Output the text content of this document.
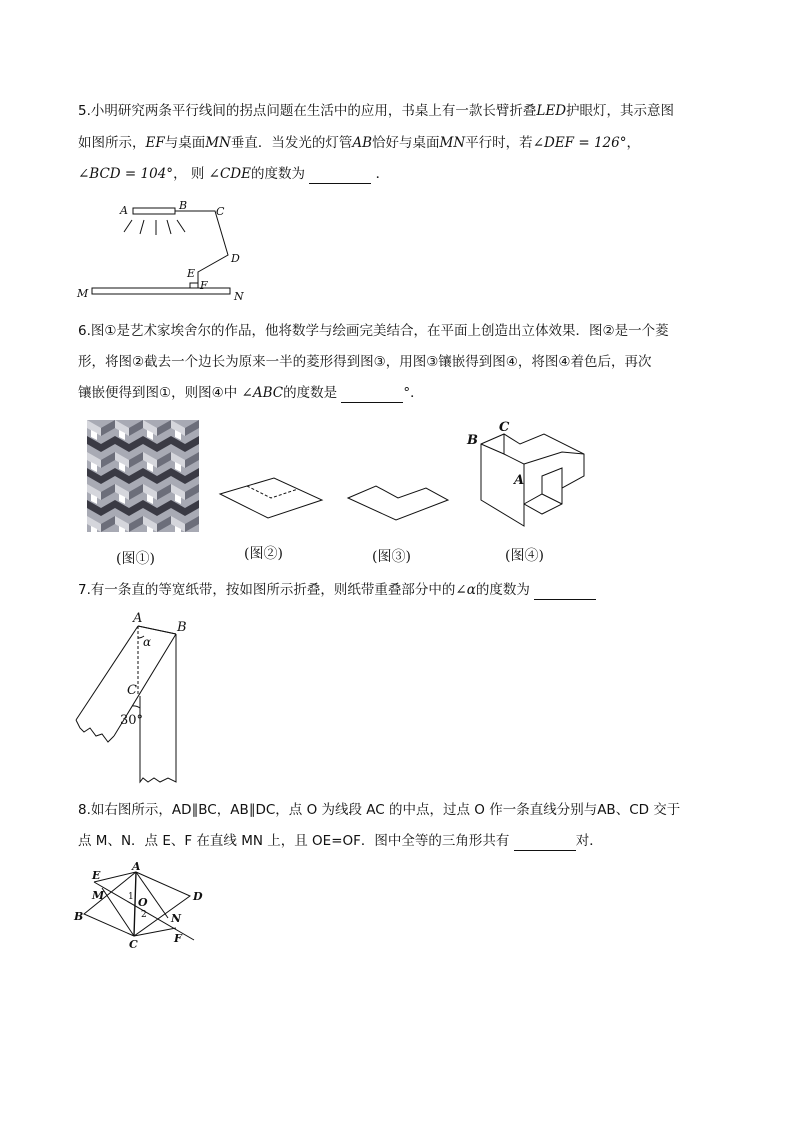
5.小明研究两条平行线间的拐点问题在生活中的应用，书桌上有一款长臂折叠LED护眼灯，其示意图
如图所示，EF与桌面MN垂直．当发光的灯管AB恰好与桌面MN平行时，若∠DEF = 126°，
∠BCD = 104°， 则 ∠CDE的度数为	．
A	B	C
D
E
F
M	N
6.图①是艺术家埃舍尔的作品，他将数学与绘画完美结合，在平面上创造出立体效果．图②是一个菱
形，将图②截去一个边长为原来一半的菱形得到图③，用图③镶嵌得到图④，将图④着色后，再次
镶嵌便得到图①，则图④中 ∠ABC的度数是	°．
B
C
A
(图①)	(图②)	(图③)	(图④)
7.有一条直的等宽纸带，按如图所示折叠，则纸带重叠部分中的∠α的度数为
A
B
C
α
30°
8.如右图所示，AD∥BC，AB∥DC，点 O 为线段 AC 的中点，过点 O 作一条直线分别与AB、CD 交于
点 M、N．点 E、F 在直线 MN 上，且 OE=OF．图中全等的三角形共有	对．
A
B
C
D
E
F
M
N
O
1
2
